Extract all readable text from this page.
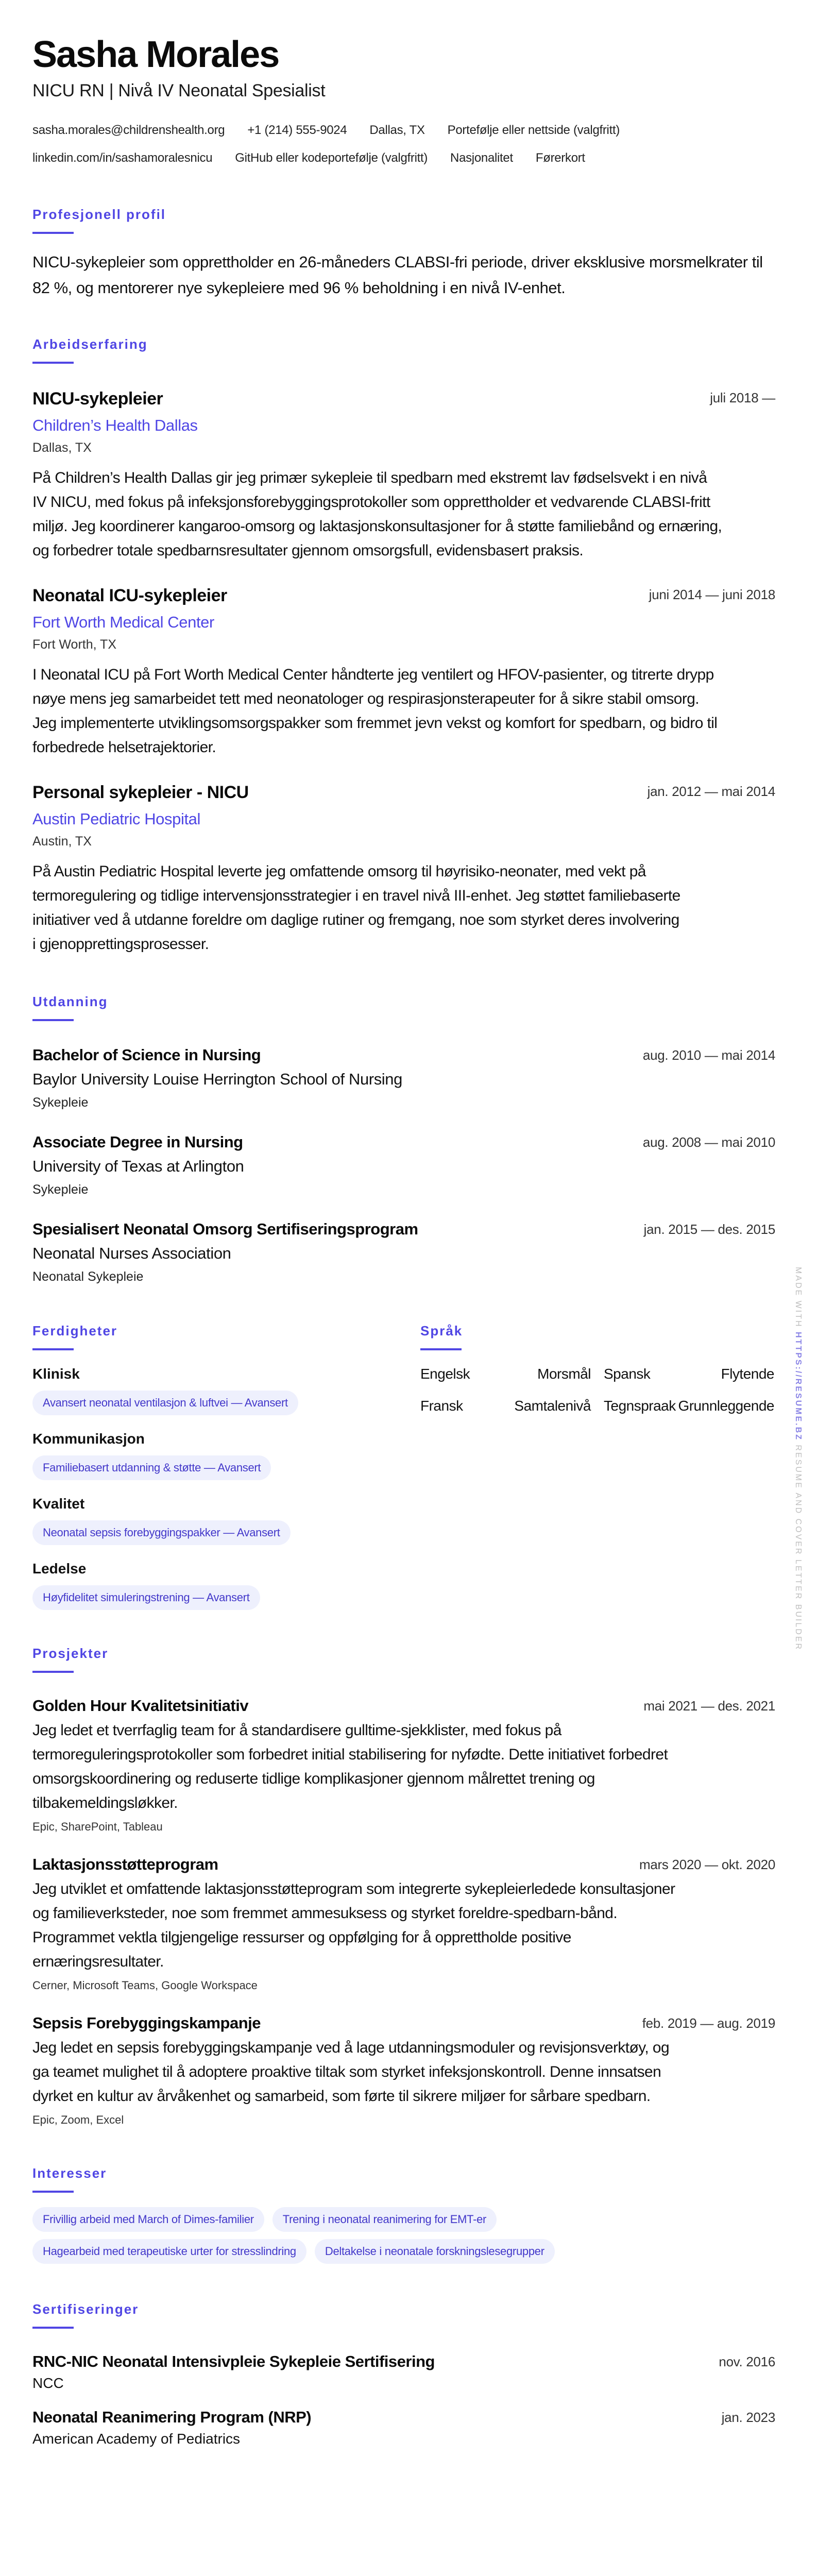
Sasha Morales
NICU RN | Nivå IV Neonatal Spesialist
sasha.morales@childrenshealth.org +1 (214) 555-9024 Dallas, TX Portefølje eller nettside (valgfritt)
linkedin.com/in/sashamoralesnicu GitHub eller kodeportefølje (valgfritt) Nasjonalitet Førerkort
Profesjonell profil
NICU-sykepleier som opprettholder en 26-måneders CLABSI-fri periode, driver eksklusive morsmelkrater til 82 %, og mentorerer nye sykepleiere med 96 % beholdning i en nivå IV-enhet.
Arbeidserfaring
NICU-sykepleier	juli 2018 —
Children’s Health Dallas
Dallas, TX
På Children’s Health Dallas gir jeg primær sykepleie til spedbarn med ekstremt lav fødselsvekt i en nivå IV NICU, med fokus på infeksjonsforebyggingsprotokoller som opprettholder et vedvarende CLABSI-fritt miljø. Jeg koordinerer kangaroo-omsorg og laktasjonskonsultasjoner for å støtte familiebånd og ernæring, og forbedrer totale spedbarnsresultater gjennom omsorgsfull, evidensbasert praksis.
Neonatal ICU-sykepleier	juni 2014 — juni 2018
Fort Worth Medical Center
Fort Worth, TX
I Neonatal ICU på Fort Worth Medical Center håndterte jeg ventilert og HFOV-pasienter, og titrerte drypp nøye mens jeg samarbeidet tett med neonatologer og respirasjonsterapeuter for å sikre stabil omsorg. Jeg implementerte utviklingsomsorgspakker som fremmet jevn vekst og komfort for spedbarn, og bidro til forbedrede helsetrajektorier.
Personal sykepleier - NICU	jan. 2012 — mai 2014
Austin Pediatric Hospital
Austin, TX
På Austin Pediatric Hospital leverte jeg omfattende omsorg til høyrisiko-neonater, med vekt på termoregulering og tidlige intervensjonsstrategier i en travel nivå III-enhet. Jeg støttet familiebaserte initiativer ved å utdanne foreldre om daglige rutiner og fremgang, noe som styrket deres involvering i gjenopprettingsprosesser.
Utdanning
Bachelor of Science in Nursing	aug. 2010 — mai 2014
Baylor University Louise Herrington School of Nursing
Sykepleie
Associate Degree in Nursing	aug. 2008 — mai 2010
University of Texas at Arlington
Sykepleie
Spesialisert Neonatal Omsorg Sertifiseringsprogram	jan. 2015 — des. 2015
Neonatal Nurses Association
Neonatal Sykepleie
Ferdigheter
Klinisk
Avansert neonatal ventilasjon & luftvei — Avansert
Kommunikasjon
Familiebasert utdanning & støtte — Avansert
Kvalitet
Neonatal sepsis forebyggingspakker — Avansert
Ledelse
Høyfidelitet simuleringstrening — Avansert
Språk
Engelsk	Morsmål Spansk	Flytende
Fransk	Samtalenivå Tegnspraak Grunnleggende
Prosjekter
Golden Hour Kvalitetsinitiativ	mai 2021 — des. 2021
Jeg ledet et tverrfaglig team for å standardisere gulltime-sjekklister, med fokus på termoreguleringsprotokoller som forbedret initial stabilisering for nyfødte. Dette initiativet forbedret omsorgskoordinering og reduserte tidlige komplikasjoner gjennom målrettet trening og tilbakemeldingsløkker.
Epic, SharePoint, Tableau
Laktasjonsstøtteprogram	mars 2020 — okt. 2020
Jeg utviklet et omfattende laktasjonsstøtteprogram som integrerte sykepleierledede konsultasjoner og familieverksteder, noe som fremmet ammesuksess og styrket foreldre-spedbarn-bånd. Programmet vektla tilgjengelige ressurser og oppfølging for å opprettholde positive ernæringsresultater.
Cerner, Microsoft Teams, Google Workspace
Sepsis Forebyggingskampanje	feb. 2019 — aug. 2019
Jeg ledet en sepsis forebyggingskampanje ved å lage utdanningsmoduler og revisjonsverktøy, og ga teamet mulighet til å adoptere proaktive tiltak som styrket infeksjonskontroll. Denne innsatsen dyrket en kultur av årvåkenhet og samarbeid, som førte til sikrere miljøer for sårbare spedbarn.
Epic, Zoom, Excel
Interesser
Frivillig arbeid med March of Dimes-familier	Trening i neonatal reanimering for EMT-er
Hagearbeid med terapeutiske urter for stresslindring	Deltakelse i neonatale forskningslesegrupper
Sertifiseringer
RNC-NIC Neonatal Intensivpleie Sykepleie Sertifisering	nov. 2016
NCC
Neonatal Reanimering Program (NRP)	jan. 2023
American Academy of Pediatrics
MADE WITH HTTPS://RESUME.BZ RESUME AND COVER LETTER BUILDER
